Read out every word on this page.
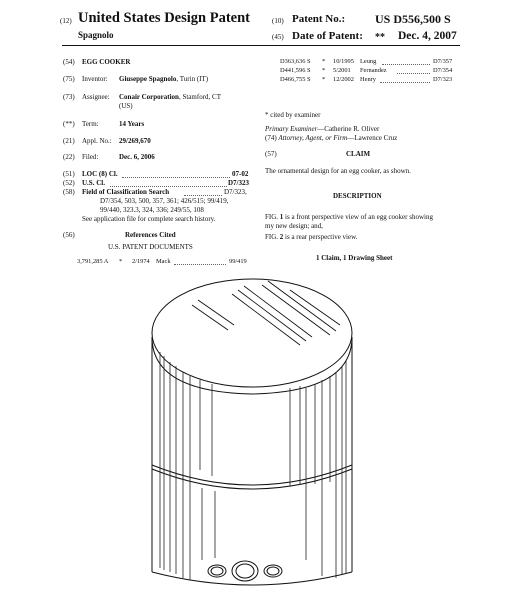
(12) United States Design Patent
Spagnolo
(10) Patent No.: US D556,500 S
(45) Date of Patent: ** Dec. 4, 2007
(54) EGG COOKER
(75) Inventor: Giuseppe Spagnolo, Turin (IT)
(73) Assignee: Conair Corporation, Stamford, CT
(US)
(**) Term:	14 Years
(21) Appl. No.: 29/269,670
(22) Filed:	Dec. 6, 2006
(51) LOC (8) Cl.	07-02
(52) U.S. Cl.	D7/323
(58) Field of Classification Search	D7/323,
D7/354, 503, 500, 357, 361; 426/515; 99/419,
99/440, 323.3, 324, 336; 249/55, 108
See application file for complete search history.
(56)	References Cited
U.S. PATENT DOCUMENTS
3,791,285 A * 2/1974 Mack	99/419
D363,636 S * 10/1995 Leung	D7/357
D441,596 S * 5/2001 Fernandez	D7/354
D466,755 S * 12/2002 Henry	D7/323
* cited by examiner
Primary Examiner—Catherine R. Oliver
(74) Attorney, Agent, or Firm—Lawrence Cruz
(57)	CLAIM
The ornamental design for an egg cooker, as shown.
DESCRIPTION
FIG. 1 is a front perspective view of an egg cooker showing
my new design; and,
FIG. 2 is a rear perspective view.
1 Claim, 1 Drawing Sheet
